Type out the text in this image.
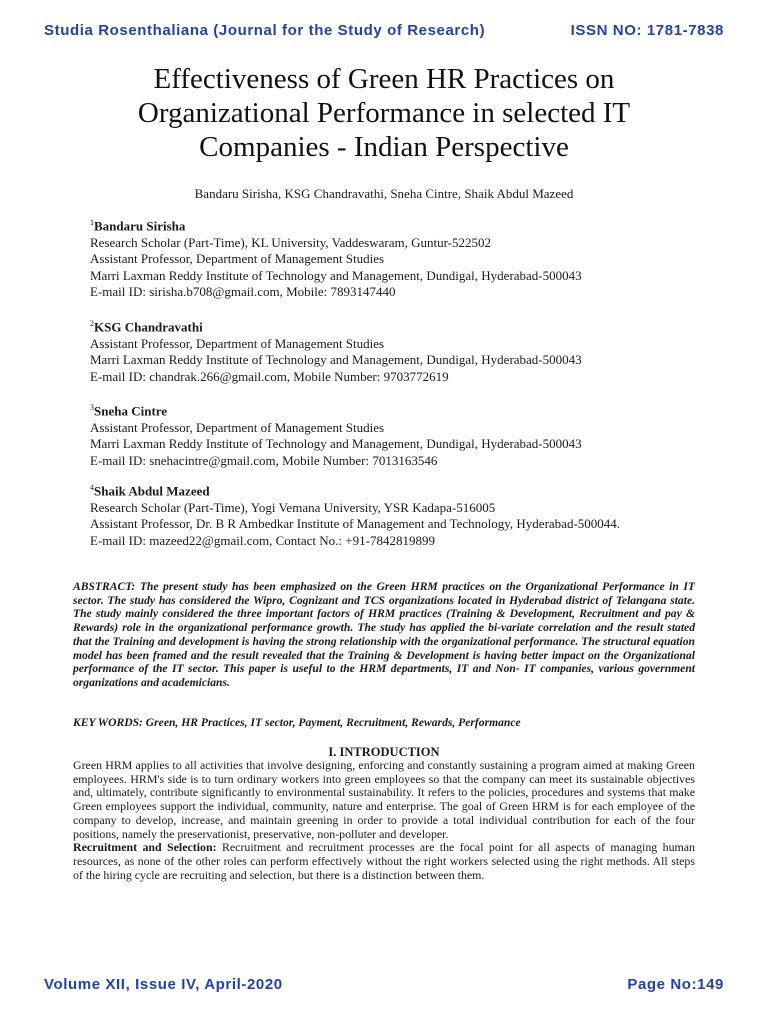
Studia Rosenthaliana (Journal for the Study of Research)	ISSN NO: 1781-7838
Effectiveness of Green HR Practices on Organizational Performance in selected IT Companies - Indian Perspective
Bandaru Sirisha, KSG Chandravathi, Sneha Cintre, Shaik Abdul Mazeed
$^1$Bandaru Sirisha
Research Scholar (Part-Time), KL University, Vaddeswaram, Guntur-522502
Assistant Professor, Department of Management Studies
Marri Laxman Reddy Institute of Technology and Management, Dundigal, Hyderabad-500043
E-mail ID: sirisha.b708@gmail.com, Mobile: 7893147440
$^2$KSG Chandravathi
Assistant Professor, Department of Management Studies
Marri Laxman Reddy Institute of Technology and Management, Dundigal, Hyderabad-500043
E-mail ID: chandrak.266@gmail.com, Mobile Number: 9703772619
$^3$Sneha Cintre
Assistant Professor, Department of Management Studies
Marri Laxman Reddy Institute of Technology and Management, Dundigal, Hyderabad-500043
E-mail ID: snehacintre@gmail.com, Mobile Number: 7013163546
$^4$Shaik Abdul Mazeed
Research Scholar (Part-Time), Yogi Vemana University, YSR Kadapa-516005
Assistant Professor, Dr. B R Ambedkar Institute of Management and Technology, Hyderabad-500044.
E-mail ID: mazeed22@gmail.com, Contact No.: +91-7842819899
ABSTRACT: The present study has been emphasized on the Green HRM practices on the Organizational Performance in IT sector. The study has considered the Wipro, Cognizant and TCS organizations located in Hyderabad district of Telangana state. The study mainly considered the three important factors of HRM practices (Training & Development, Recruitment and pay & Rewards) role in the organizational performance growth. The study has applied the bi-variate correlation and the result stated that the Training and development is having the strong relationship with the organizational performance. The structural equation model has been framed and the result revealed that the Training & Development is having better impact on the Organizational performance of the IT sector. This paper is useful to the HRM departments, IT and Non- IT companies, various government organizations and academicians.
KEY WORDS: Green, HR Practices, IT sector, Payment, Recruitment, Rewards, Performance
I. INTRODUCTION

Green HRM applies to all activities that involve designing, enforcing and constantly sustaining a program aimed at making Green employees. HRM's side is to turn ordinary workers into green employees so that the company can meet its sustainable objectives and, ultimately, contribute significantly to environmental sustainability. It refers to the policies, procedures and systems that make Green employees support the individual, community, nature and enterprise. The goal of Green HRM is for each employee of the company to develop, increase, and maintain greening in order to provide a total individual contribution for each of the four positions, namely the preservationist, preservative, non-polluter and developer.

Recruitment and Selection: Recruitment and recruitment processes are the focal point for all aspects of managing human resources, as none of the other roles can perform effectively without the right workers selected using the right methods. All steps of the hiring cycle are recruiting and selection, but there is a distinction between them.

Volume XII, Issue IV, April-2020	Page No:149
